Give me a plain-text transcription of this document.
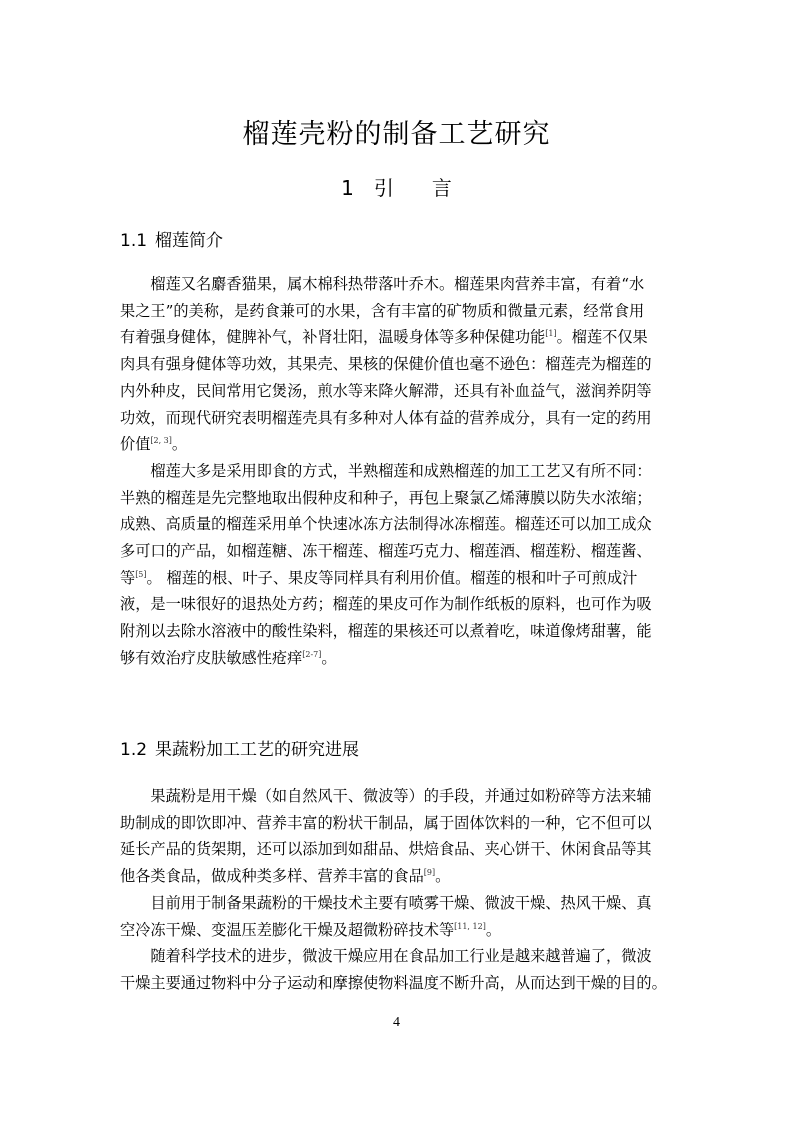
榴莲壳粉的制备工艺研究
1 引 言
1.1 榴莲简介
榴莲又名麝香猫果，属木棉科热带落叶乔木。榴莲果肉营养丰富，有着“水
果之王”的美称，是药食兼可的水果，含有丰富的矿物质和微量元素，经常食用
有着强身健体，健脾补气，补肾壮阳，温暖身体等多种保健功能[1]。榴莲不仅果
肉具有强身健体等功效，其果壳、果核的保健价值也毫不逊色：榴莲壳为榴莲的
内外种皮，民间常用它煲汤，煎水等来降火解滞，还具有补血益气，滋润养阴等
功效，而现代研究表明榴莲壳具有多种对人体有益的营养成分，具有一定的药用
价值[2, 3]。
榴莲大多是采用即食的方式，半熟榴莲和成熟榴莲的加工工艺又有所不同：
半熟的榴莲是先完整地取出假种皮和种子，再包上聚氯乙烯薄膜以防失水浓缩；
成熟、高质量的榴莲采用单个快速冰冻方法制得冰冻榴莲。榴莲还可以加工成众
多可口的产品，如榴莲糖、冻干榴莲、榴莲巧克力、榴莲酒、榴莲粉、榴莲酱、
等[5]。 榴莲的根、叶子、果皮等同样具有利用价值。榴莲的根和叶子可煎成汁
液，是一味很好的退热处方药；榴莲的果皮可作为制作纸板的原料，也可作为吸
附剂以去除水溶液中的酸性染料，榴莲的果核还可以煮着吃，味道像烤甜薯，能
够有效治疗皮肤敏感性疮痒[2-7]。
1.2 果蔬粉加工工艺的研究进展
果蔬粉是用干燥（如自然风干、微波等）的手段，并通过如粉碎等方法来辅
助制成的即饮即冲、营养丰富的粉状干制品，属于固体饮料的一种，它不但可以
延长产品的货架期，还可以添加到如甜品、烘焙食品、夹心饼干、休闲食品等其
他各类食品，做成种类多样、营养丰富的食品[9]。
目前用于制备果蔬粉的干燥技术主要有喷雾干燥、微波干燥、热风干燥、真
空冷冻干燥、变温压差膨化干燥及超微粉碎技术等[11, 12]。
随着科学技术的进步，微波干燥应用在食品加工行业是越来越普遍了，微波
干燥主要通过物料中分子运动和摩擦使物料温度不断升高，从而达到干燥的目的。
4
